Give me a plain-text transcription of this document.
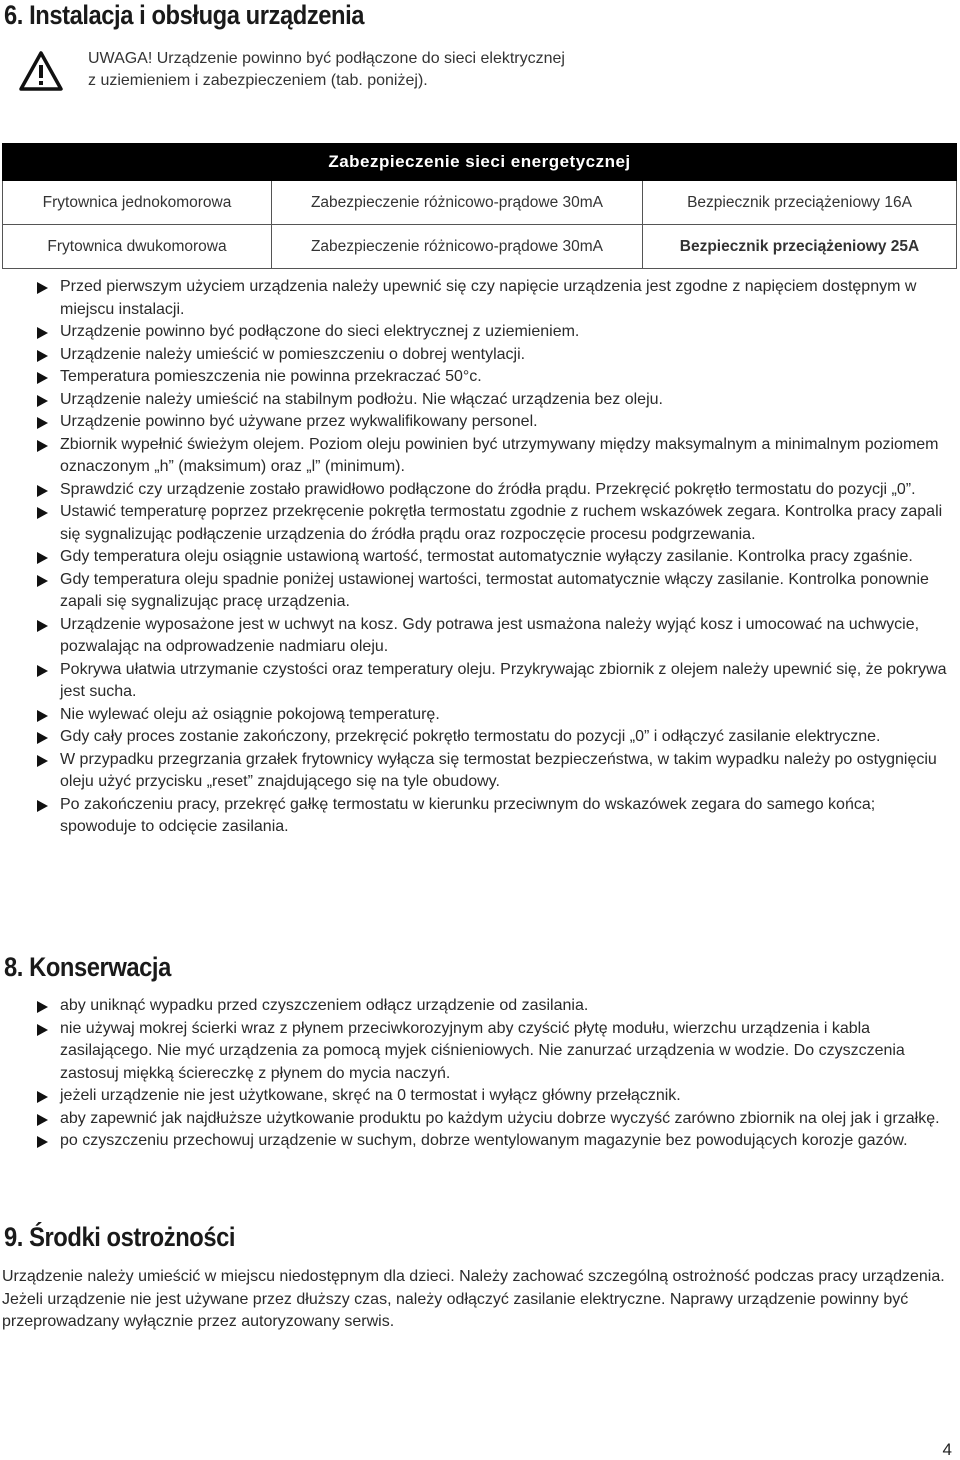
6. Instalacja i obsługa urządzenia
UWAGA! Urządzenie powinno być podłączone do sieci elektrycznej
z uziemieniem i zabezpieczeniem (tab. poniżej).
Zabezpieczenie sieci energetycznej		
Frytownica jednokomorowa	Zabezpieczenie różnicowo-prądowe 30mA	Bezpiecznik przeciążeniowy 16A
Frytownica dwukomorowa	Zabezpieczenie różnicowo-prądowe 30mA	Bezpiecznik przeciążeniowy 25A
Przed pierwszym użyciem urządzenia należy upewnić się czy napięcie urządzenia jest zgodne z napięciem dostępnym w miejscu instalacji.
Urządzenie powinno być podłączone do sieci elektrycznej z uziemieniem.
Urządzenie należy umieścić w pomieszczeniu o dobrej wentylacji.
Temperatura pomieszczenia nie powinna przekraczać 50°c.
Urządzenie należy umieścić na stabilnym podłożu. Nie włączać urządzenia bez oleju.
Urządzenie powinno być używane przez wykwalifikowany personel.
Zbiornik wypełnić świeżym olejem. Poziom oleju powinien być utrzymywany między maksymalnym a minimalnym poziomem oznaczonym „h” (maksimum) oraz „l” (minimum).
Sprawdzić czy urządzenie zostało prawidłowo podłączone do źródła prądu. Przekręcić pokrętło termostatu do pozycji „0”.
Ustawić temperaturę poprzez przekręcenie pokrętła termostatu zgodnie z ruchem wskazówek zegara. Kontrolka pracy zapali się sygnalizując podłączenie urządzenia do źródła prądu oraz rozpoczęcie procesu podgrzewania.
Gdy temperatura oleju osiągnie ustawioną wartość, termostat automatycznie wyłączy zasilanie. Kontrolka pracy zgaśnie.
Gdy temperatura oleju spadnie poniżej ustawionej wartości, termostat automatycznie włączy zasilanie. Kontrolka ponownie zapali się sygnalizując pracę urządzenia.
Urządzenie wyposażone jest w uchwyt na kosz. Gdy potrawa jest usmażona należy wyjąć kosz i umocować na uchwycie, pozwalając na odprowadzenie nadmiaru oleju.
Pokrywa ułatwia utrzymanie czystości oraz temperatury oleju. Przykrywając zbiornik z olejem należy upewnić się, że pokrywa jest sucha.
Nie wylewać oleju aż osiągnie pokojową temperaturę.
Gdy cały proces zostanie zakończony, przekręcić pokrętło termostatu do pozycji „0” i odłączyć zasilanie elektryczne.
W przypadku przegrzania grzałek frytownicy wyłącza się termostat bezpieczeństwa, w takim wypadku należy po ostygnięciu oleju użyć przycisku „reset” znajdującego się na tyle obudowy.
Po zakończeniu pracy, przekręć gałkę termostatu w kierunku przeciwnym do wskazówek zegara do samego końca; spowoduje to odcięcie zasilania.
8. Konserwacja
aby uniknąć wypadku przed czyszczeniem odłącz urządzenie od zasilania.
nie używaj mokrej ścierki wraz z płynem przeciwkorozyjnym aby czyścić płytę modułu, wierzchu urządzenia i kabla zasilającego. Nie myć urządzenia za pomocą myjek ciśnieniowych. Nie zanurzać urządzenia w wodzie. Do czyszczenia zastosuj miękką ściereczkę z płynem do mycia naczyń.
jeżeli urządzenie nie jest użytkowane, skręć na 0 termostat i wyłącz główny przełącznik.
aby zapewnić jak najdłuższe użytkowanie produktu po każdym użyciu dobrze wyczyść zarówno zbiornik na olej jak i grzałkę.
po czyszczeniu przechowuj urządzenie w suchym, dobrze wentylowanym magazynie bez powodujących korozje gazów.
9. Środki ostrożności
Urządzenie należy umieścić w miejscu niedostępnym dla dzieci. Należy zachować szczególną ostrożność podczas pracy urządzenia. Jeżeli urządzenie nie jest używane przez dłuższy czas, należy odłączyć zasilanie elektryczne. Naprawy urządzenie powinny być przeprowadzany wyłącznie przez autoryzowany serwis.
4
